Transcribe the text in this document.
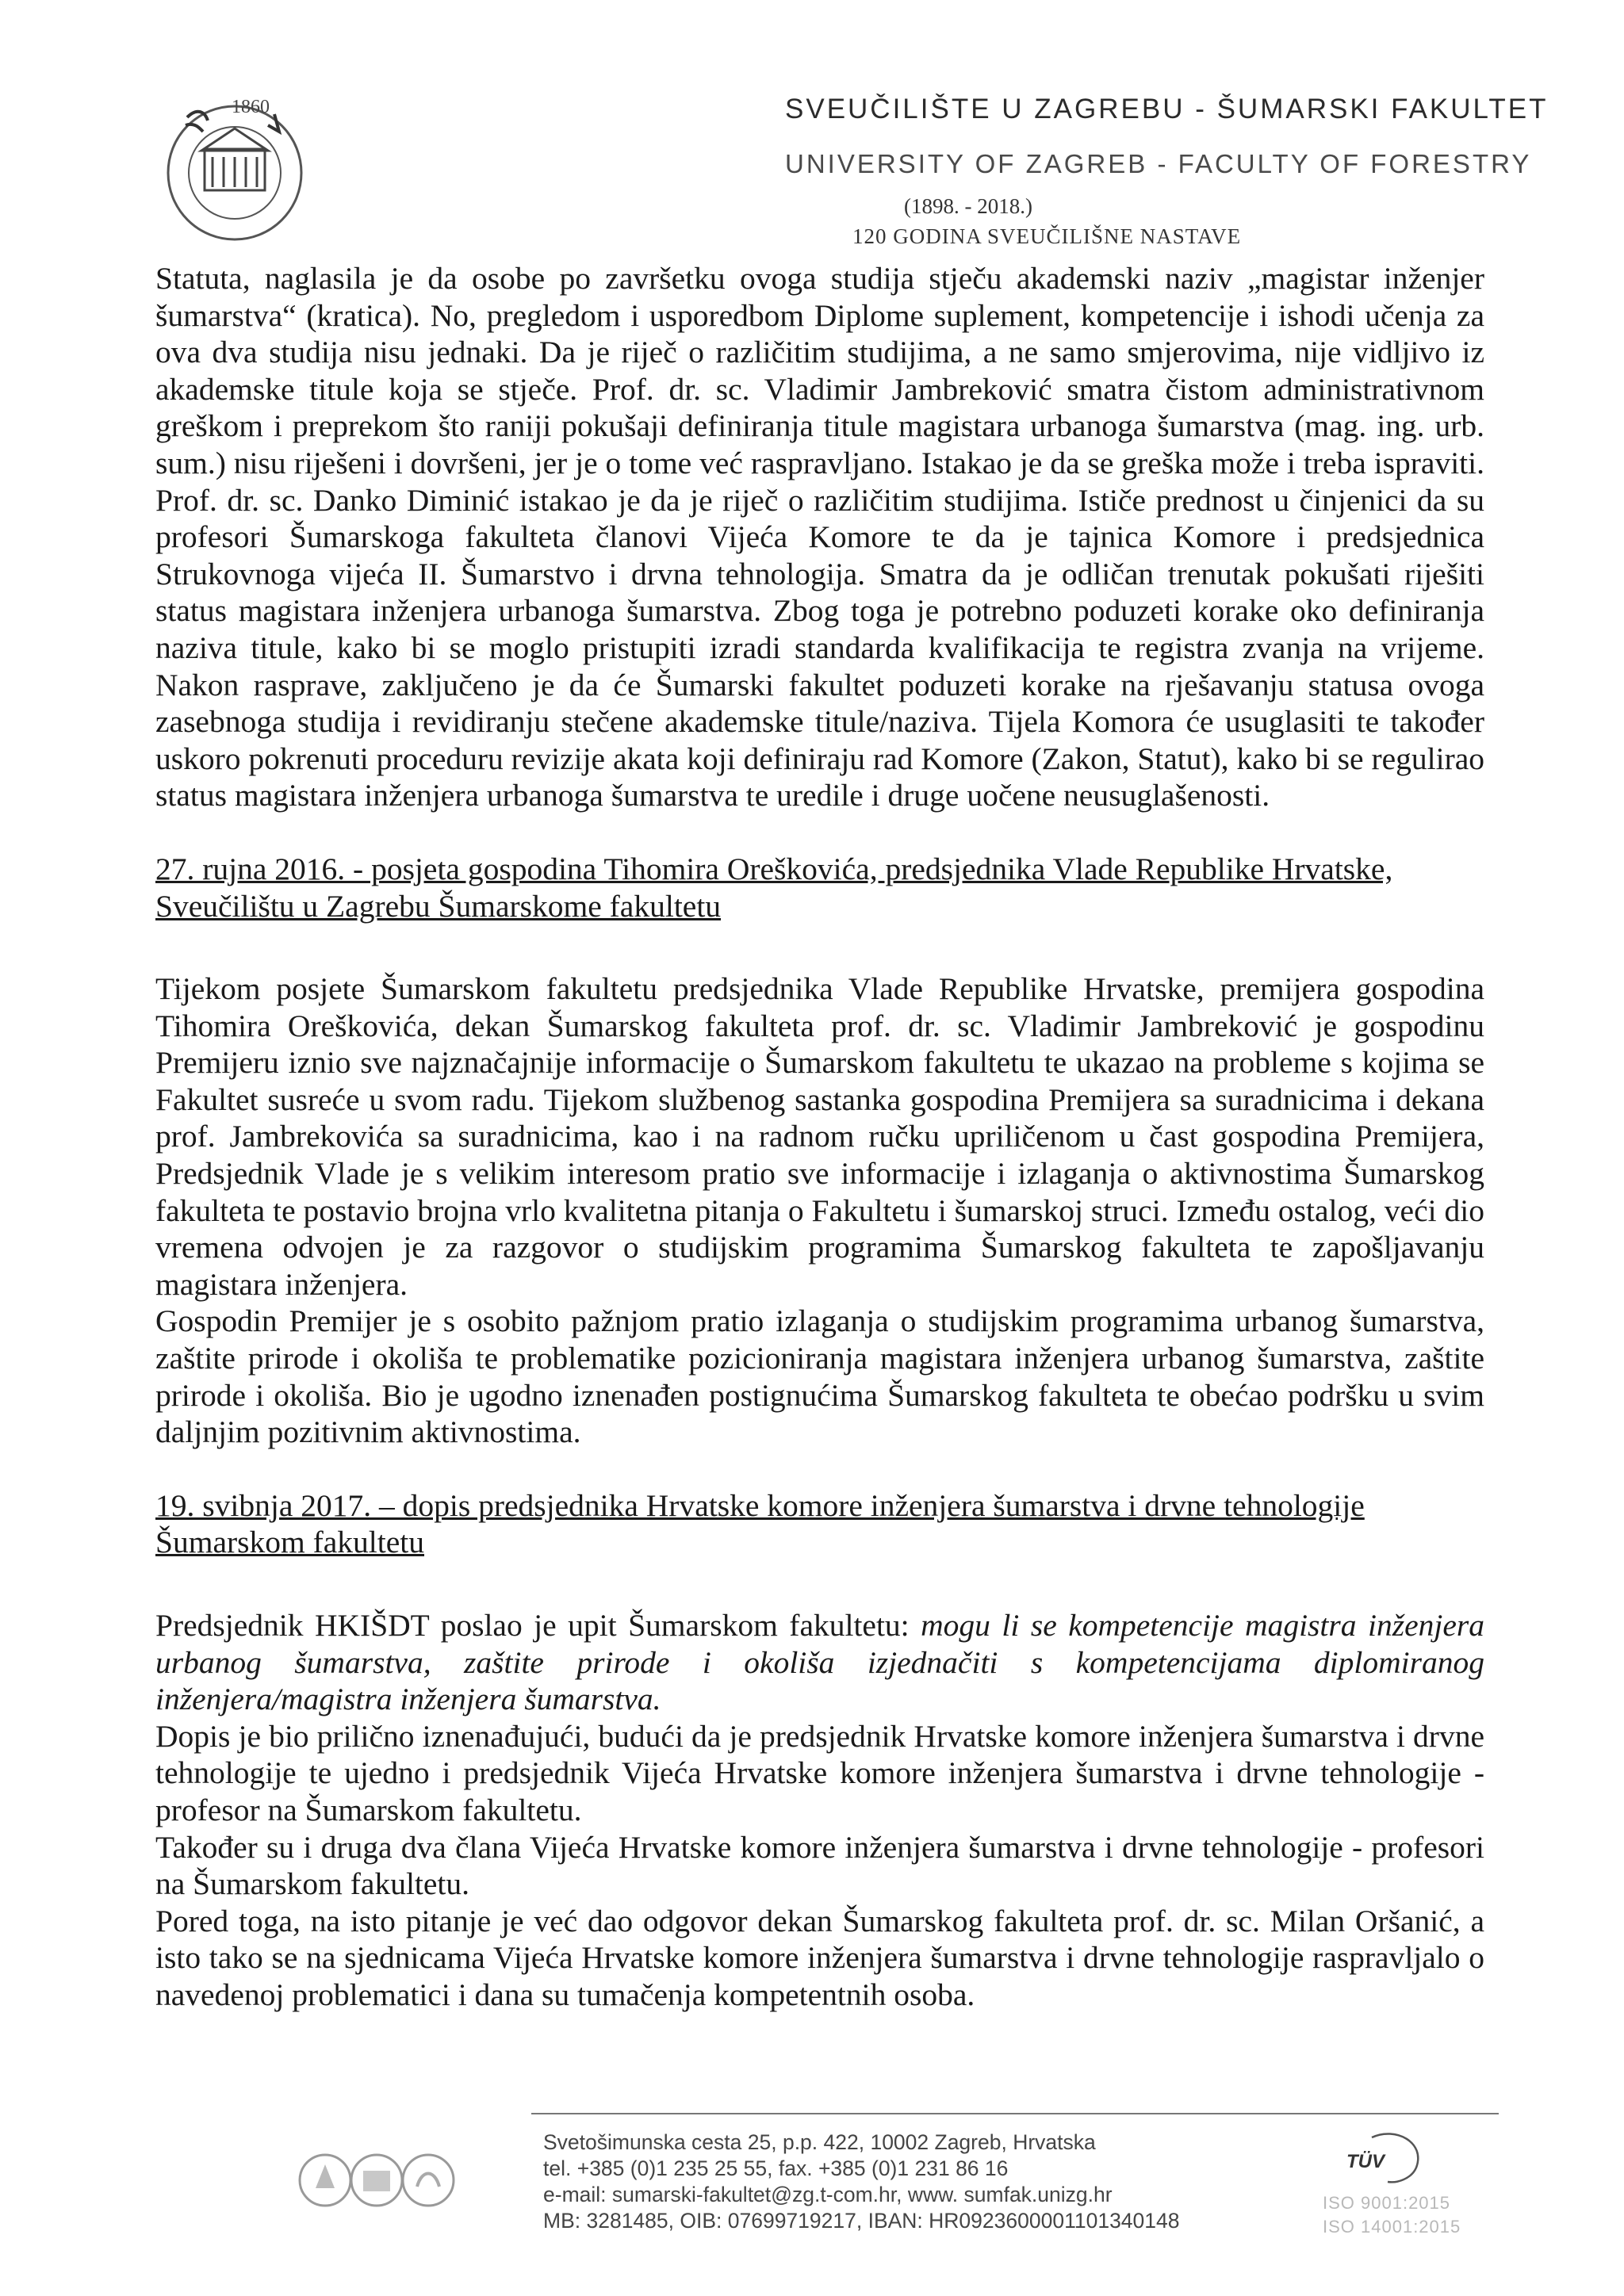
1860	SVEUČILIŠTE U ZAGREBU - ŠUMARSKI FAKULTET
UNIVERSITY OF ZAGREB - FACULTY OF FORESTRY
(1898. - 2018.)
120 GODINA SVEUČILIŠNE NASTAVE

Statuta, naglasila je da osobe po završetku ovoga studija stječu akademski naziv „magistar inženjer šumarstva“ (kratica). No, pregledom i usporedbom Diplome suplement, kompetencije i ishodi učenja za ova dva studija nisu jednaki. Da je riječ o različitim studijima, a ne samo smjerovima, nije vidljivo iz akademske titule koja se stječe. Prof. dr. sc. Vladimir Jambreković smatra čistom administrativnom greškom i preprekom što raniji pokušaji definiranja titule magistara urbanoga šumarstva (mag. ing. urb. sum.) nisu riješeni i dovršeni, jer je o tome već raspravljano. Istakao je da se greška može i treba ispraviti. Prof. dr. sc. Danko Diminić istakao je da je riječ o različitim studijima. Ističe prednost u činjenici da su profesori Šumarskoga fakulteta članovi Vijeća Komore te da je tajnica Komore i predsjednica Strukovnoga vijeća II. Šumarstvo i drvna tehnologija. Smatra da je odličan trenutak pokušati riješiti status magistara inženjera urbanoga šumarstva. Zbog toga je potrebno poduzeti korake oko definiranja naziva titule, kako bi se moglo pristupiti izradi standarda kvalifikacija te registra zvanja na vrijeme. Nakon rasprave, zaključeno je da će Šumarski fakultet poduzeti korake na rješavanju statusa ovoga zasebnoga studija i revidiranju stečene akademske titule/naziva. Tijela Komora će usuglasiti te također uskoro pokrenuti proceduru revizije akata koji definiraju rad Komore (Zakon, Statut), kako bi se regulirao status magistara inženjera urbanoga šumarstva te uredile i druge uočene neusuglašenosti.

27. rujna 2016. - posjeta gospodina Tihomira Oreškovića, predsjednika Vlade Republike Hrvatske, Sveučilištu u Zagrebu Šumarskome fakultetu

Tijekom posjete Šumarskom fakultetu predsjednika Vlade Republike Hrvatske, premijera gospodina Tihomira Oreškovića, dekan Šumarskog fakulteta prof. dr. sc. Vladimir Jambreković je gospodinu Premijeru iznio sve najznačajnije informacije o Šumarskom fakultetu te ukazao na probleme s kojima se Fakultet susreće u svom radu. Tijekom službenog sastanka gospodina Premijera sa suradnicima i dekana prof. Jambrekovića sa suradnicima, kao i na radnom ručku upriličenom u čast gospodina Premijera, Predsjednik Vlade je s velikim interesom pratio sve informacije i izlaganja o aktivnostima Šumarskog fakulteta te postavio brojna vrlo kvalitetna pitanja o Fakultetu i šumarskoj struci. Između ostalog, veći dio vremena odvojen je za razgovor o studijskim programima Šumarskog fakulteta te zapošljavanju magistara inženjera.

Gospodin Premijer je s osobito pažnjom pratio izlaganja o studijskim programima urbanog šumarstva, zaštite prirode i okoliša te problematike pozicioniranja magistara inženjera urbanog šumarstva, zaštite prirode i okoliša. Bio je ugodno iznenađen postignućima Šumarskog fakulteta te obećao podršku u svim daljnjim pozitivnim aktivnostima.

19. svibnja 2017. – dopis predsjednika Hrvatske komore inženjera šumarstva i drvne tehnologije Šumarskom fakultetu

Predsjednik HKIŠDT poslao je upit Šumarskom fakultetu: mogu li se kompetencije magistra inženjera urbanog šumarstva, zaštite prirode i okoliša izjednačiti s kompetencijama diplomiranog inženjera/magistra inženjera šumarstva.

Dopis je bio prilično iznenađujući, budući da je predsjednik Hrvatske komore inženjera šumarstva i drvne tehnologije te ujedno i predsjednik Vijeća Hrvatske komore inženjera šumarstva i drvne tehnologije - profesor na Šumarskom fakultetu.

Također su i druga dva člana Vijeća Hrvatske komore inženjera šumarstva i drvne tehnologije - profesori na Šumarskom fakultetu.

Pored toga, na isto pitanje je već dao odgovor dekan Šumarskog fakulteta prof. dr. sc. Milan Oršanić, a isto tako se na sjednicama Vijeća Hrvatske komore inženjera šumarstva i drvne tehnologije raspravljalo o navedenoj problematici i dana su tumačenja kompetentnih osoba.

Svetošimunska cesta 25, p.p. 422, 10002 Zagreb, Hrvatska
tel. +385 (0)1 235 25 55, fax. +385 (0)1 231 86 16
e-mail: sumarski-fakultet@zg.t-com.hr, www. sumfak.unizg.hr
MB: 3281485, OIB: 07699719217, IBAN: HR0923600001101340148
TÜV
ISO 9001:2015
ISO 14001:2015
